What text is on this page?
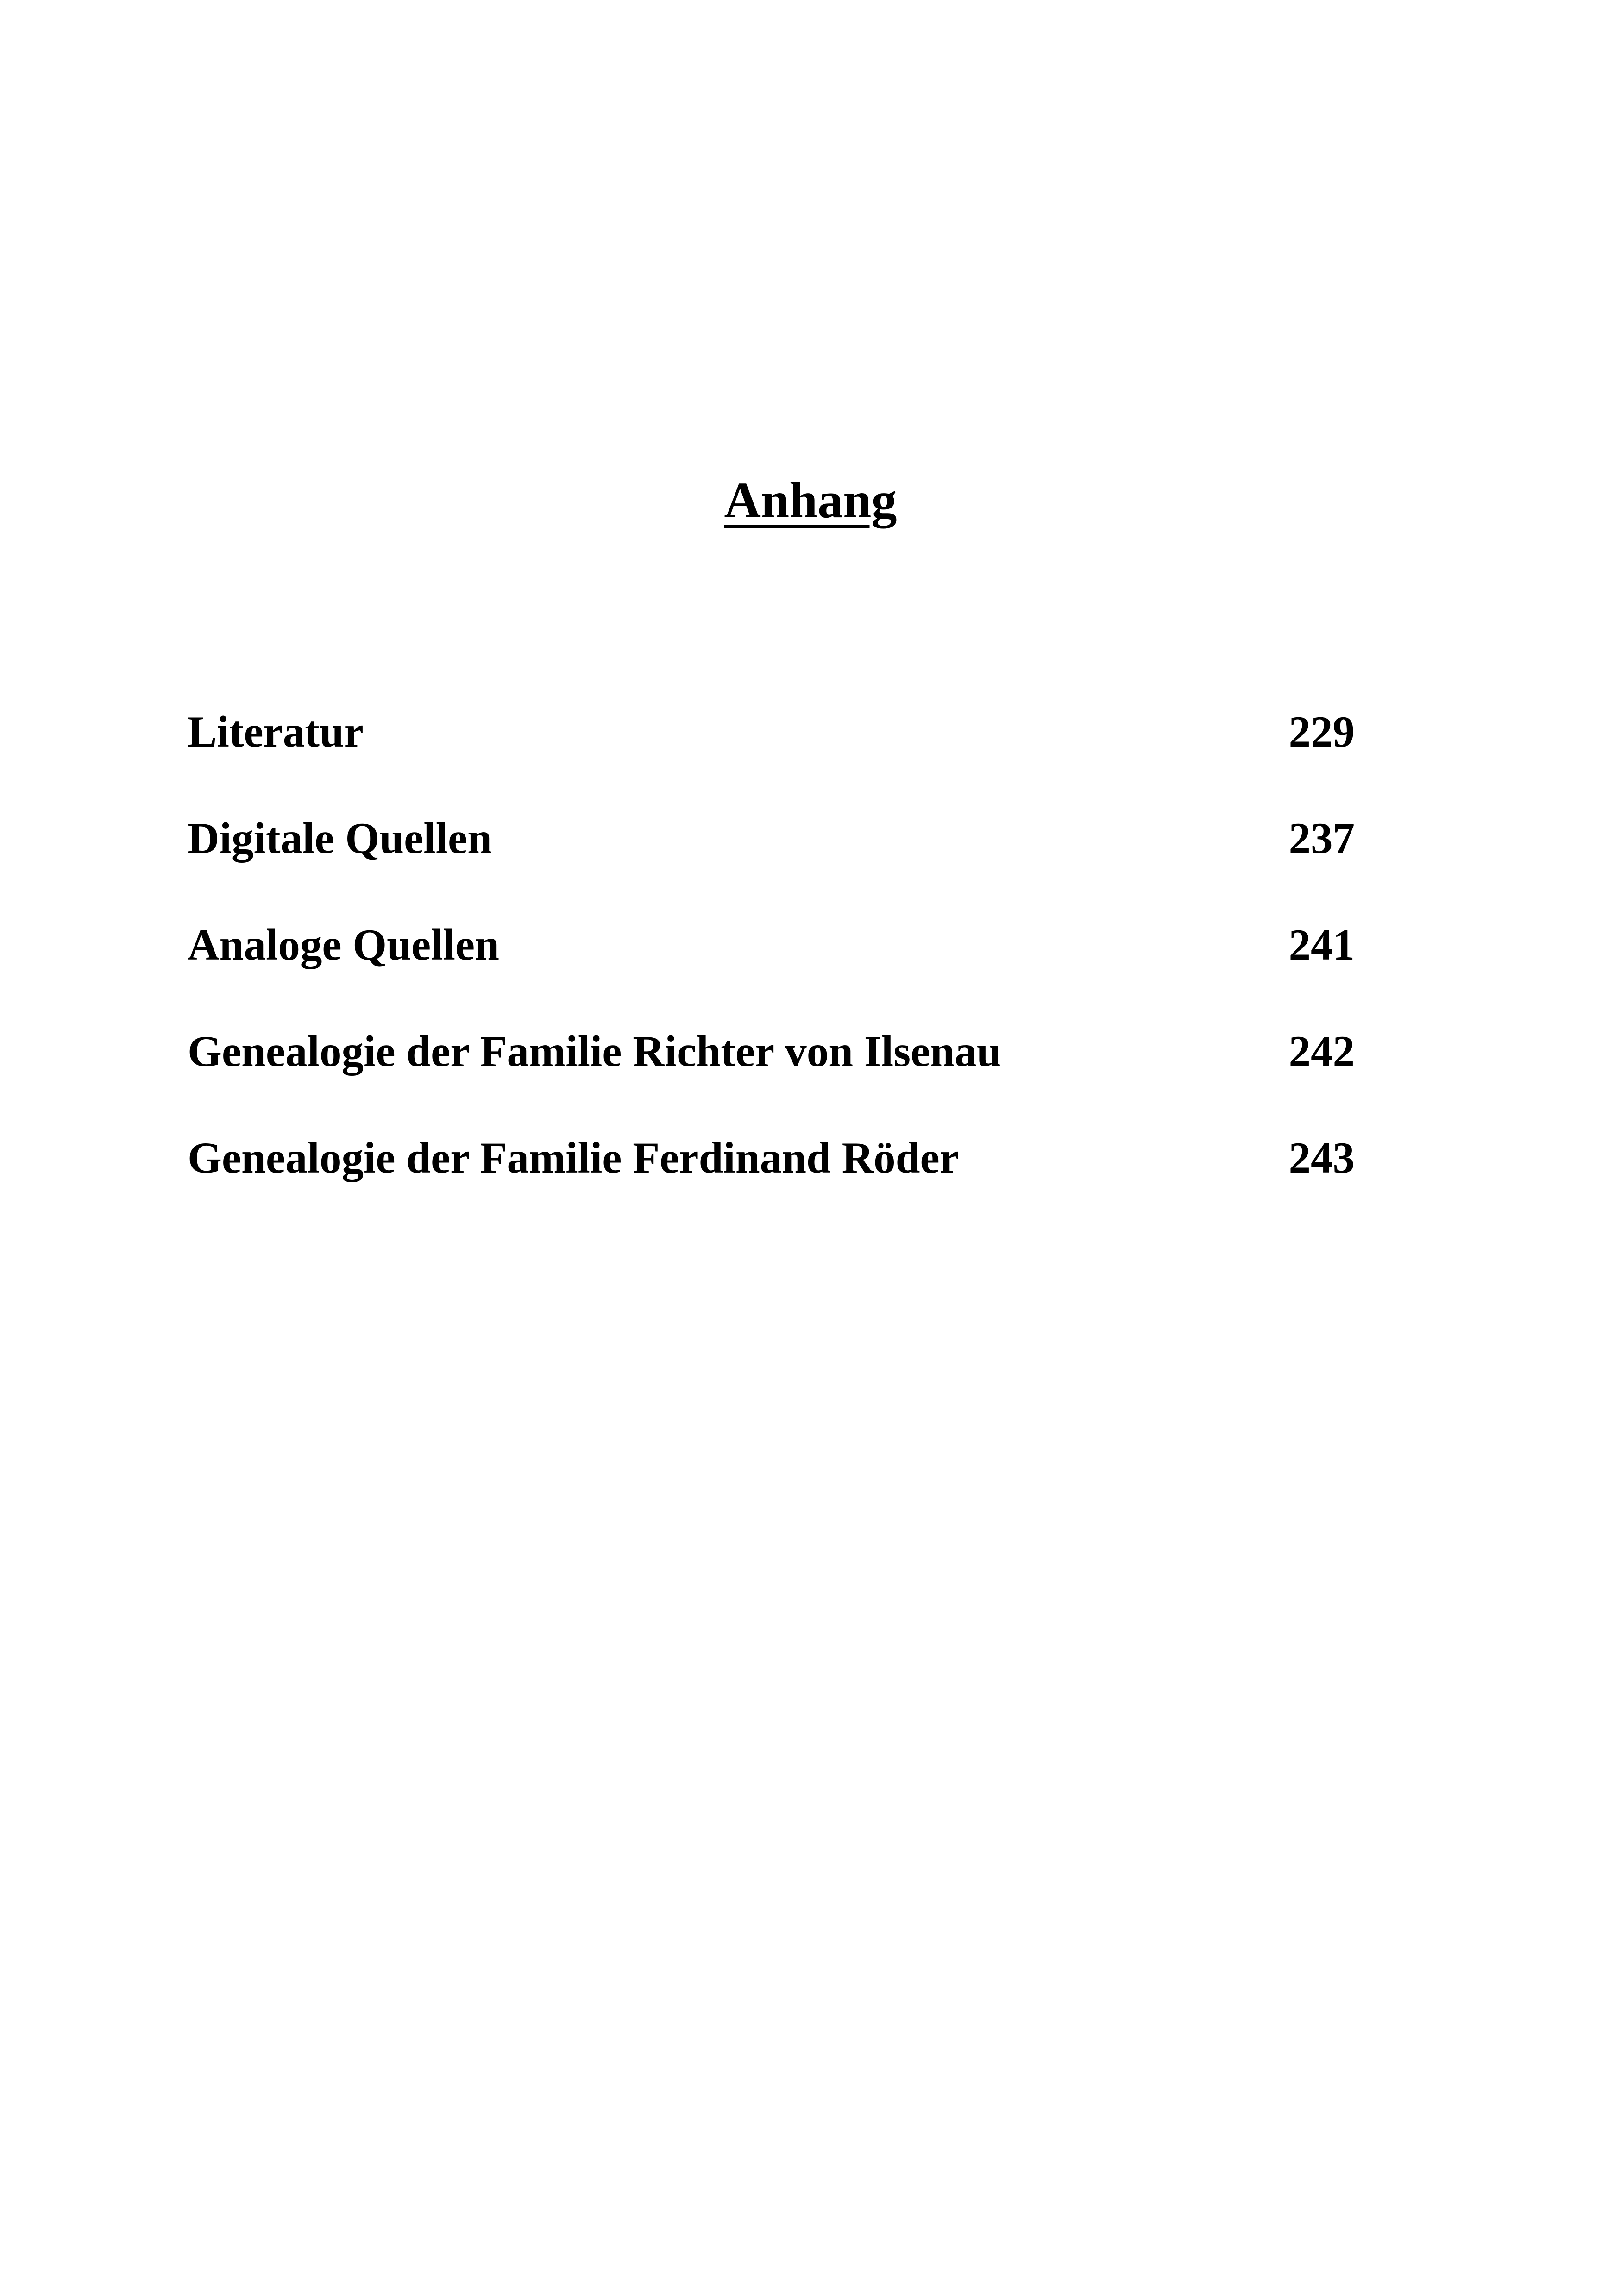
Anhang
Literatur	229
Digitale Quellen	237
Analoge Quellen	241
Genealogie der Familie Richter von Ilsenau	242
Genealogie der Familie Ferdinand Röder	243
